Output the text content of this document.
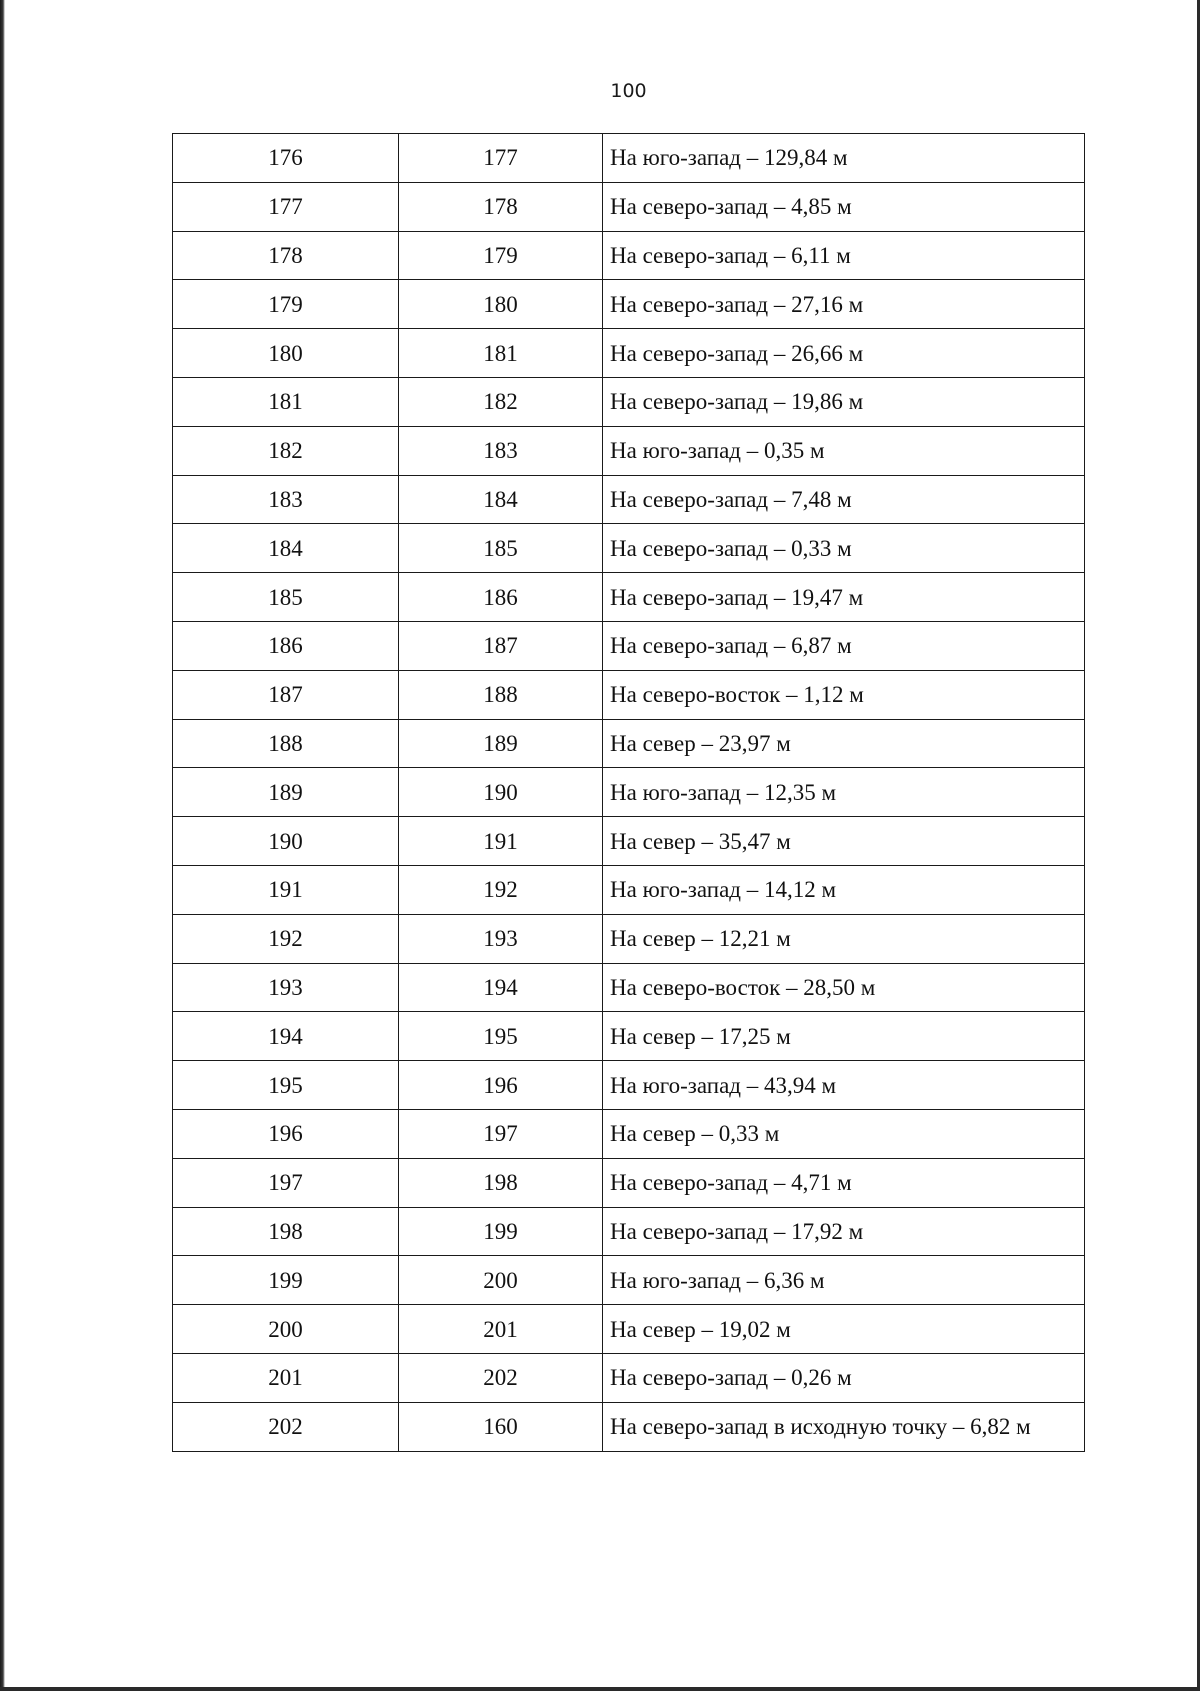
100
176	177	На юго-запад – 129,84 м
177	178	На северо-запад – 4,85 м
178	179	На северо-запад – 6,11 м
179	180	На северо-запад – 27,16 м
180	181	На северо-запад – 26,66 м
181	182	На северо-запад – 19,86 м
182	183	На юго-запад – 0,35 м
183	184	На северо-запад – 7,48 м
184	185	На северо-запад – 0,33 м
185	186	На северо-запад – 19,47 м
186	187	На северо-запад – 6,87 м
187	188	На северо-восток – 1,12 м
188	189	На север – 23,97 м
189	190	На юго-запад – 12,35 м
190	191	На север – 35,47 м
191	192	На юго-запад – 14,12 м
192	193	На север – 12,21 м
193	194	На северо-восток – 28,50 м
194	195	На север – 17,25 м
195	196	На юго-запад – 43,94 м
196	197	На север – 0,33 м
197	198	На северо-запад – 4,71 м
198	199	На северо-запад – 17,92 м
199	200	На юго-запад – 6,36 м
200	201	На север – 19,02 м
201	202	На северо-запад – 0,26 м
202	160	На северо-запад в исходную точку – 6,82 м
